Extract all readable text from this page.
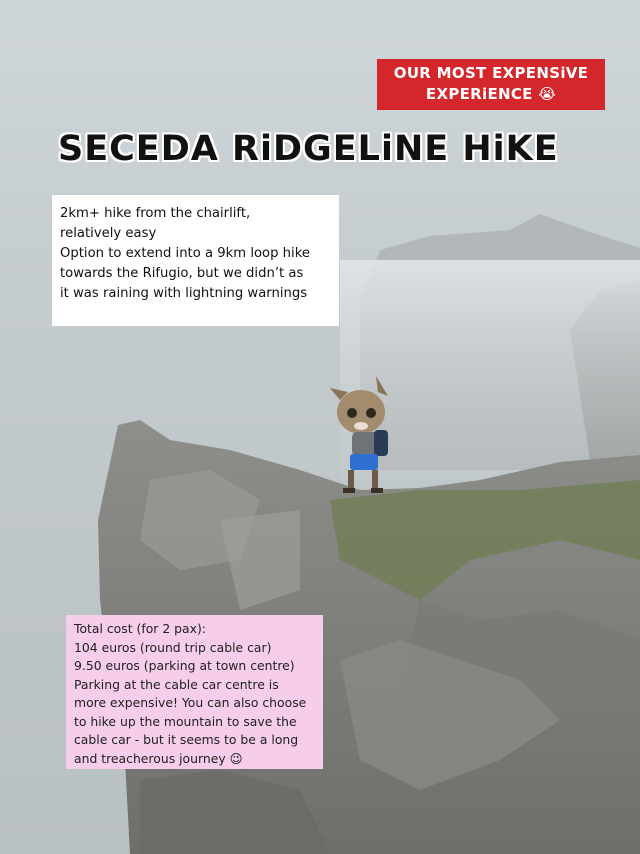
OUR MOST EXPENSiVE
EXPERiENCE 😭
SECEDA RiDGELiNE HiKE
2km+ hike from the chairlift,
relatively easy
Option to extend into a 9km loop hike
towards the Rifugio, but we didn’t as
it was raining with lightning warnings
Total cost (for 2 pax):
104 euros (round trip cable car)
9.50 euros (parking at town centre)
Parking at the cable car centre is
more expensive! You can also choose
to hike up the mountain to save the
cable car - but it seems to be a long
and treacherous journey 😉
